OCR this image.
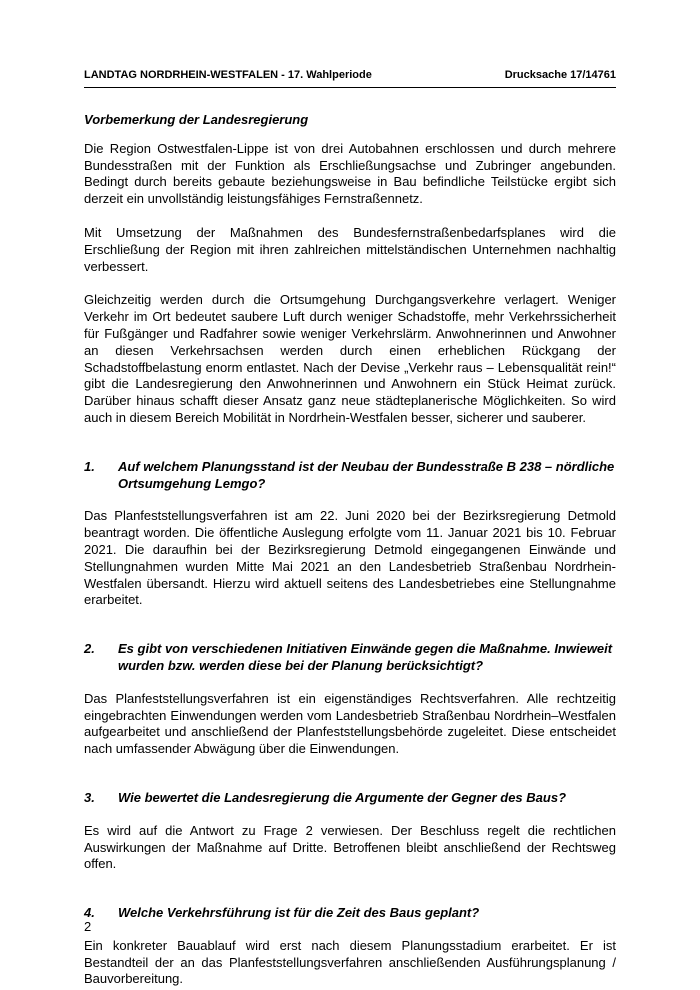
LANDTAG NORDRHEIN-WESTFALEN - 17. Wahlperiode	Drucksache 17/14761
Vorbemerkung der Landesregierung

Die Region Ostwestfalen-Lippe ist von drei Autobahnen erschlossen und durch mehrere Bundesstraßen mit der Funktion als Erschließungsachse und Zubringer angebunden. Bedingt durch bereits gebaute beziehungsweise in Bau befindliche Teilstücke ergibt sich derzeit ein unvollständig leistungsfähiges Fernstraßennetz.

Mit Umsetzung der Maßnahmen des Bundesfernstraßenbedarfsplanes wird die Erschließung der Region mit ihren zahlreichen mittelständischen Unternehmen nachhaltig verbessert.

Gleichzeitig werden durch die Ortsumgehung Durchgangsverkehre verlagert. Weniger Verkehr im Ort bedeutet saubere Luft durch weniger Schadstoffe, mehr Verkehrssicherheit für Fußgänger und Radfahrer sowie weniger Verkehrslärm. Anwohnerinnen und Anwohner an diesen Verkehrsachsen werden durch einen erheblichen Rückgang der Schadstoffbelastung enorm entlastet. Nach der Devise „Verkehr raus – Lebensqualität rein!“ gibt die Landesregierung den Anwohnerinnen und Anwohnern ein Stück Heimat zurück. Darüber hinaus schafft dieser Ansatz ganz neue städteplanerische Möglichkeiten. So wird auch in diesem Bereich Mobilität in Nordrhein-Westfalen besser, sicherer und sauberer.

1.	Auf welchem Planungsstand ist der Neubau der Bundesstraße B 238 – nördliche Ortsumgehung Lemgo?

Das Planfeststellungsverfahren ist am 22. Juni 2020 bei der Bezirksregierung Detmold beantragt worden. Die öffentliche Auslegung erfolgte vom 11. Januar 2021 bis 10. Februar 2021. Die daraufhin bei der Bezirksregierung Detmold eingegangenen Einwände und Stellungnahmen wurden Mitte Mai 2021 an den Landesbetrieb Straßenbau Nordrhein-Westfalen übersandt. Hierzu wird aktuell seitens des Landesbetriebes eine Stellungnahme erarbeitet.

2.	Es gibt von verschiedenen Initiativen Einwände gegen die Maßnahme. Inwieweit wurden bzw. werden diese bei der Planung berücksichtigt?

Das Planfeststellungsverfahren ist ein eigenständiges Rechtsverfahren. Alle rechtzeitig eingebrachten Einwendungen werden vom Landesbetrieb Straßenbau Nordrhein–Westfalen aufgearbeitet und anschließend der Planfeststellungsbehörde zugeleitet. Diese entscheidet nach umfassender Abwägung über die Einwendungen.

3.	Wie bewertet die Landesregierung die Argumente der Gegner des Baus?

Es wird auf die Antwort zu Frage 2 verwiesen. Der Beschluss regelt die rechtlichen Auswirkungen der Maßnahme auf Dritte. Betroffenen bleibt anschließend der Rechtsweg offen.

4.	Welche Verkehrsführung ist für die Zeit des Baus geplant?

Ein konkreter Bauablauf wird erst nach diesem Planungsstadium erarbeitet. Er ist Bestandteil der an das Planfeststellungsverfahren anschließenden Ausführungsplanung / Bauvorbereitung.

2
